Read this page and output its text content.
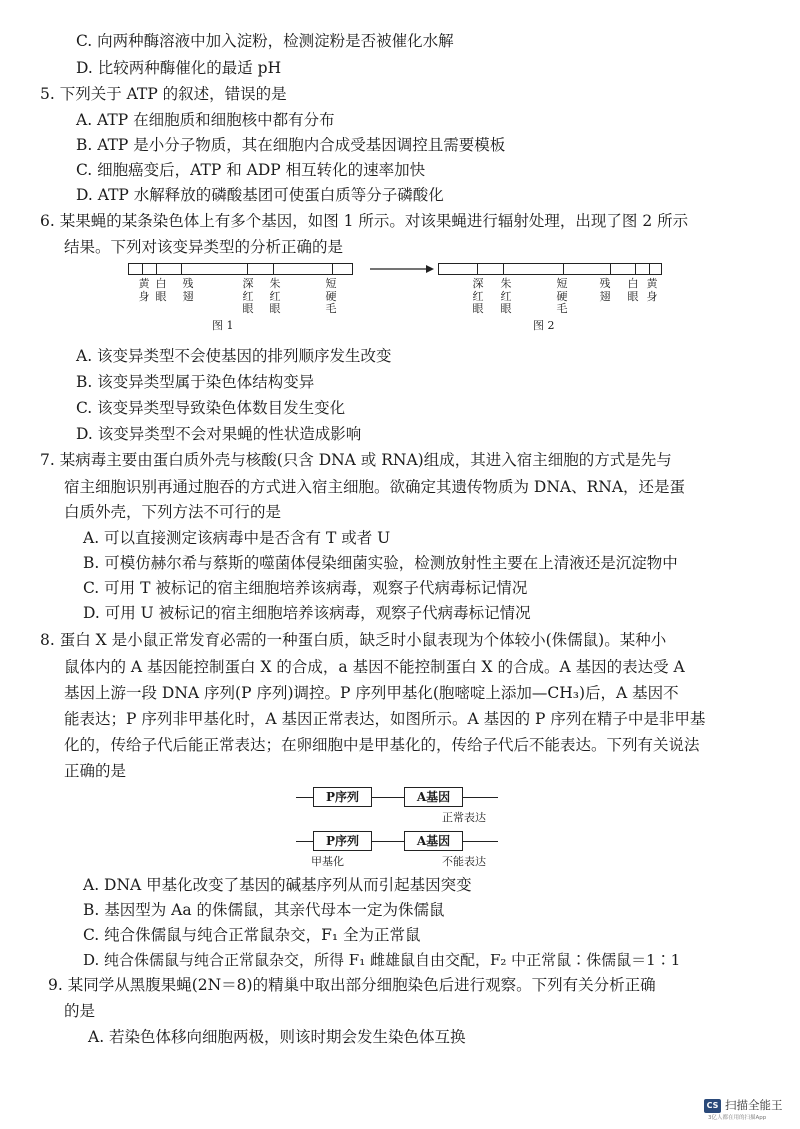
C. 向两种酶溶液中加入淀粉，检测淀粉是否被催化水解
D. 比较两种酶催化的最适 pH
5. 下列关于 ATP 的叙述，错误的是
A. ATP 在细胞质和细胞核中都有分布
B. ATP 是小分子物质，其在细胞内合成受基因调控且需要模板
C. 细胞癌变后，ATP 和 ADP 相互转化的速率加快
D. ATP 水解释放的磷酸基团可使蛋白质等分子磷酸化
6. 某果蝇的某条染色体上有多个基因，如图 1 所示。对该果蝇进行辐射处理，出现了图 2 所示
结果。下列对该变异类型的分析正确的是
黄身
白眼
残翅
深红眼
朱红眼
短硬毛
图 1
深红眼
朱红眼
短硬毛
残翅
白眼
黄身
图 2
A. 该变异类型不会使基因的排列顺序发生改变
B. 该变异类型属于染色体结构变异
C. 该变异类型导致染色体数目发生变化
D. 该变异类型不会对果蝇的性状造成影响
7. 某病毒主要由蛋白质外壳与核酸(只含 DNA 或 RNA)组成，其进入宿主细胞的方式是先与
宿主细胞识别再通过胞吞的方式进入宿主细胞。欲确定其遗传物质为 DNA、RNA，还是蛋
白质外壳，下列方法不可行的是
A. 可以直接测定该病毒中是否含有 T 或者 U
B. 可模仿赫尔希与蔡斯的噬菌体侵染细菌实验，检测放射性主要在上清液还是沉淀物中
C. 可用 T 被标记的宿主细胞培养该病毒，观察子代病毒标记情况
D. 可用 U 被标记的宿主细胞培养该病毒，观察子代病毒标记情况
8. 蛋白 X 是小鼠正常发育必需的一种蛋白质，缺乏时小鼠表现为个体较小(侏儒鼠)。某种小
鼠体内的 A 基因能控制蛋白 X 的合成，a 基因不能控制蛋白 X 的合成。A 基因的表达受 A
基因上游一段 DNA 序列(P 序列)调控。P 序列甲基化(胞嘧啶上添加—CH₃)后，A 基因不
能表达；P 序列非甲基化时，A 基因正常表达，如图所示。A 基因的 P 序列在精子中是非甲基
化的，传给子代后能正常表达；在卵细胞中是甲基化的，传给子代后不能表达。下列有关说法
正确的是
P序列	A基因
正常表达
P序列	A基因
甲基化	不能表达
A. DNA 甲基化改变了基因的碱基序列从而引起基因突变
B. 基因型为 Aa 的侏儒鼠，其亲代母本一定为侏儒鼠
C. 纯合侏儒鼠与纯合正常鼠杂交，F₁ 全为正常鼠
D. 纯合侏儒鼠与纯合正常鼠杂交，所得 F₁ 雌雄鼠自由交配，F₂ 中正常鼠∶侏儒鼠＝1∶1
9. 某同学从黑腹果蝇(2N＝8)的精巢中取出部分细胞染色后进行观察。下列有关分析正确
的是
A. 若染色体移向细胞两极，则该时期会发生染色体互换
CS 扫描全能王
3亿人都在用的扫描App
